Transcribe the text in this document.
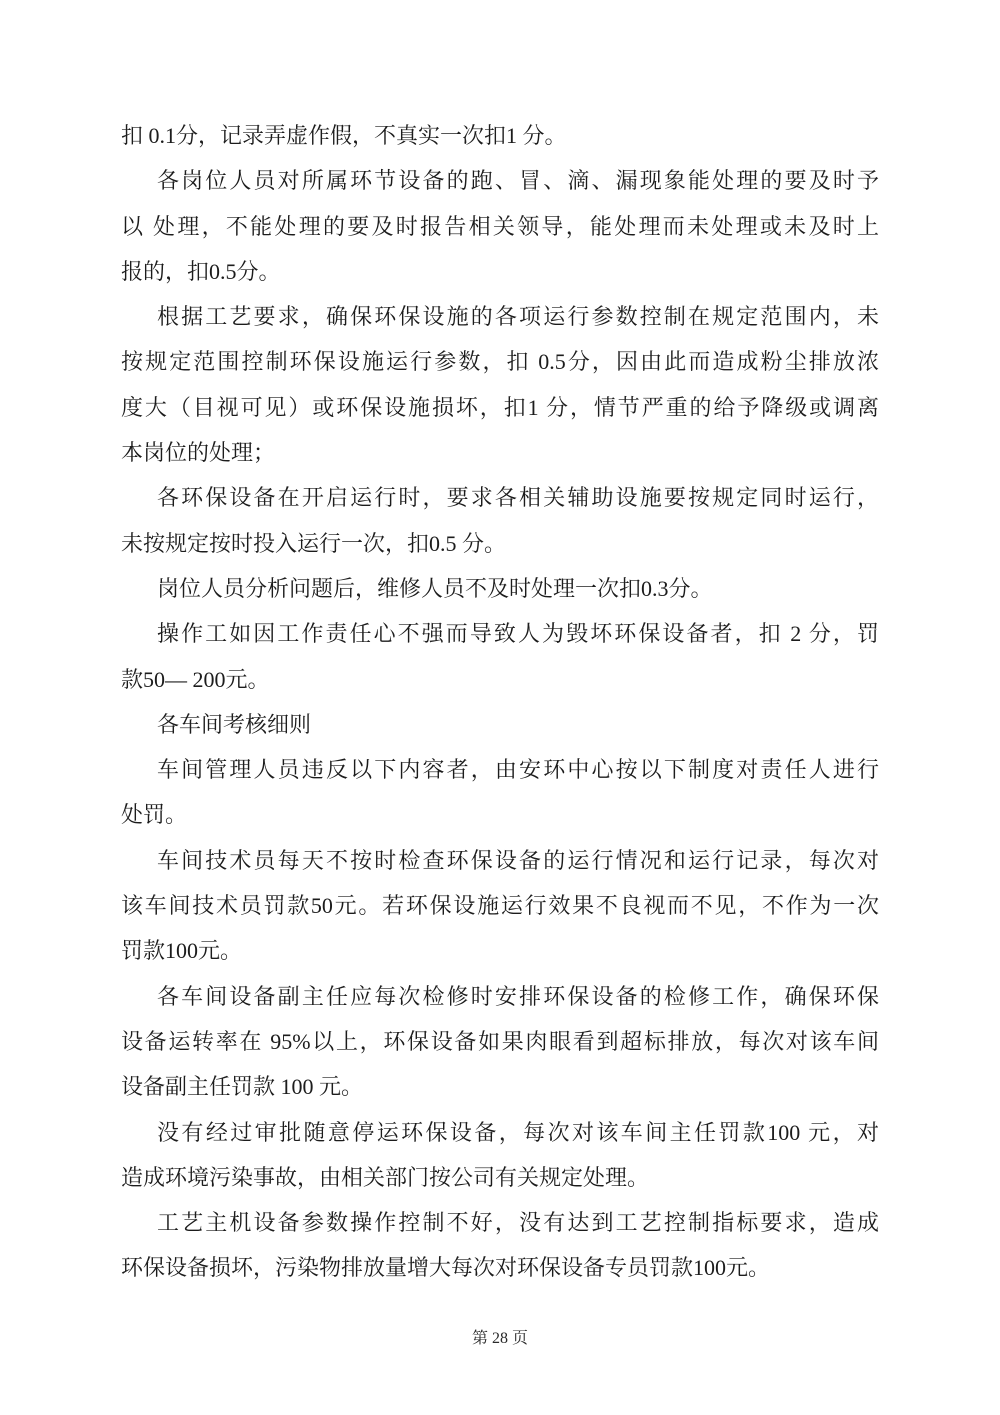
扣 0.1分，记录弄虚作假，不真实一次扣1 分。
各岗位人员对所属环节设备的跑、冒、滴、漏现象能处理的要及时予
以 处理，不能处理的要及时报告相关领导，能处理而未处理或未及时上
报的，扣0.5分。
根据工艺要求，确保环保设施的各项运行参数控制在规定范围内，未
按规定范围控制环保设施运行参数，扣 0.5分，因由此而造成粉尘排放浓
度大（目视可见）或环保设施损坏，扣1 分，情节严重的给予降级或调离
本岗位的处理；
各环保设备在开启运行时，要求各相关辅助设施要按规定同时运行，
未按规定按时投入运行一次，扣0.5 分。
岗位人员分析问题后，维修人员不及时处理一次扣0.3分。
操作工如因工作责任心不强而导致人为毁坏环保设备者，扣 2 分，罚
款50— 200元。
各车间考核细则
车间管理人员违反以下内容者，由安环中心按以下制度对责任人进行
处罚。
车间技术员每天不按时检查环保设备的运行情况和运行记录，每次对
该车间技术员罚款50元。若环保设施运行效果不良视而不见，不作为一次
罚款100元。
各车间设备副主任应每次检修时安排环保设备的检修工作，确保环保
设备运转率在 95%以上，环保设备如果肉眼看到超标排放，每次对该车间
设备副主任罚款 100 元。
没有经过审批随意停运环保设备，每次对该车间主任罚款100 元，对
造成环境污染事故，由相关部门按公司有关规定处理。
工艺主机设备参数操作控制不好，没有达到工艺控制指标要求，造成
环保设备损坏，污染物排放量增大每次对环保设备专员罚款100元。
第 28 页
